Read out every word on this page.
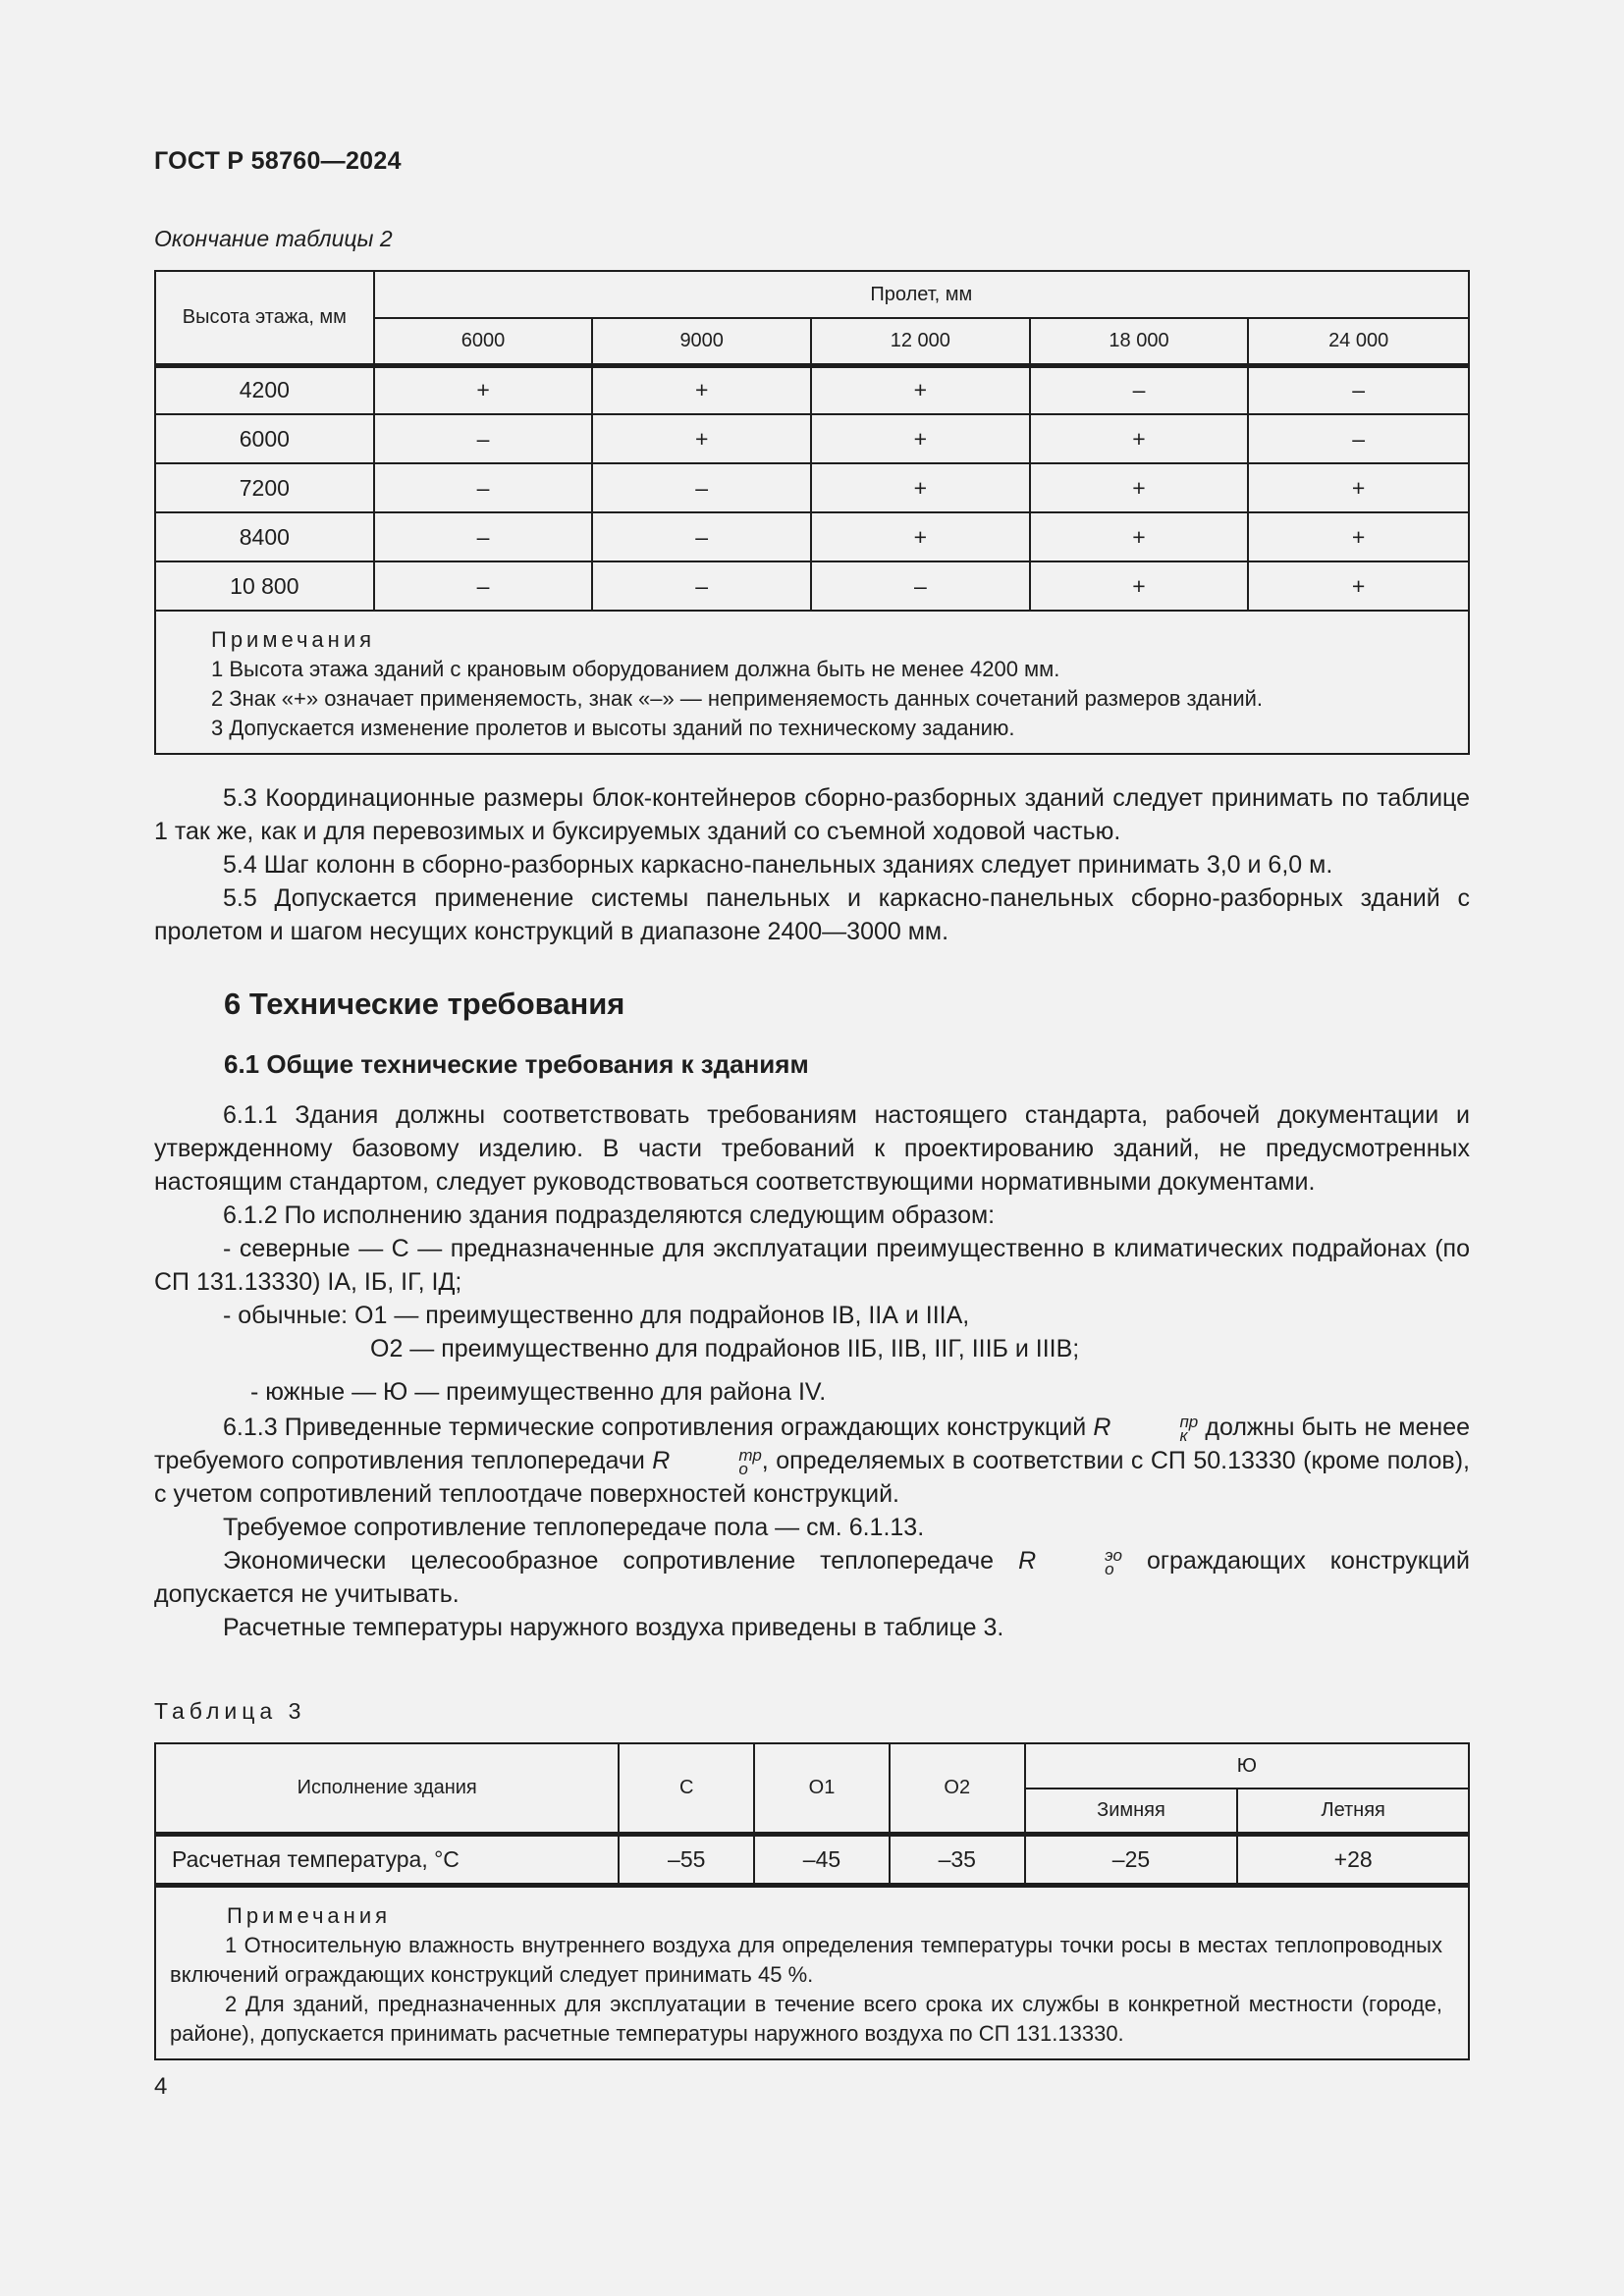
ГОСТ Р 58760—2024
Окончание таблицы 2
Высота этажа, мм	Пролет, мм				
	6000	9000	12 000	18 000	24 000
4200	+	+	+	–	–
6000	–	+	+	+	–
7200	–	–	+	+	+
8400	–	–	+	+	+
10 800	–	–	–	+	+

Примечания
1 Высота этажа зданий с крановым оборудованием должна быть не менее 4200 мм.
2 Знак «+» означает применяемость, знак «–» — неприменяемость данных сочетаний размеров зданий.
3 Допускается изменение пролетов и высоты зданий по техническому заданию.					
5.3 Координационные размеры блок-контейнеров сборно-разборных зданий следует принимать по таблице 1 так же, как и для перевозимых и буксируемых зданий со съемной ходовой частью.
5.4 Шаг колонн в сборно-разборных каркасно-панельных зданиях следует принимать 3,0 и 6,0 м.
5.5 Допускается применение системы панельных и каркасно-панельных сборно-разборных зданий с пролетом и шагом несущих конструкций в диапазоне 2400—3000 мм.
6 Технические требования
6.1 Общие технические требования к зданиям
6.1.1 Здания должны соответствовать требованиям настоящего стандарта, рабочей документации и утвержденному базовому изделию. В части требований к проектированию зданий, не предусмотренных настоящим стандартом, следует руководствоваться соответствующими нормативными документами.
6.1.2 По исполнению здания подразделяются следующим образом:
- северные — С — предназначенные для эксплуатации преимущественно в климатических подрайонах (по СП 131.13330) IА, IБ, IГ, IД;
- обычные: О1 — преимущественно для подрайонов IВ, IIА и IIIА,
О2 — преимущественно для подрайонов IIБ, IIВ, IIГ, IIIБ и IIIВ;
- южные — Ю — преимущественно для района IV.
6.1.3 Приведенные термические сопротивления ограждающих конструкций R	пр
к должны быть не менее требуемого сопротивления теплопередачи R	тр
о , определяемых в соответствии с СП 50.13330 (кроме полов), с учетом сопротивлений теплоотдаче поверхностей конструкций.
Требуемое сопротивление теплопередаче пола — см. 6.1.13.
Экономически целесообразное сопротивление теплопередаче R	эо
о	ограждающих конструкций допускается не учитывать.
Расчетные температуры наружного воздуха приведены в таблице 3.
Таблица 3
Исполнение здания	С	О1	О2	Ю	
				Зимняя	Летняя
Расчетная температура, °С	–55	–45	–35	–25	+28

Примечания
1 Относительную влажность внутреннего воздуха для определения температуры точки росы в местах теплопроводных включений ограждающих конструкций следует принимать 45 %.
2 Для зданий, предназначенных для эксплуатации в течение всего срока их службы в конкретной местности (городе, районе), допускается принимать расчетные температуры наружного воздуха по СП 131.13330.					
4
